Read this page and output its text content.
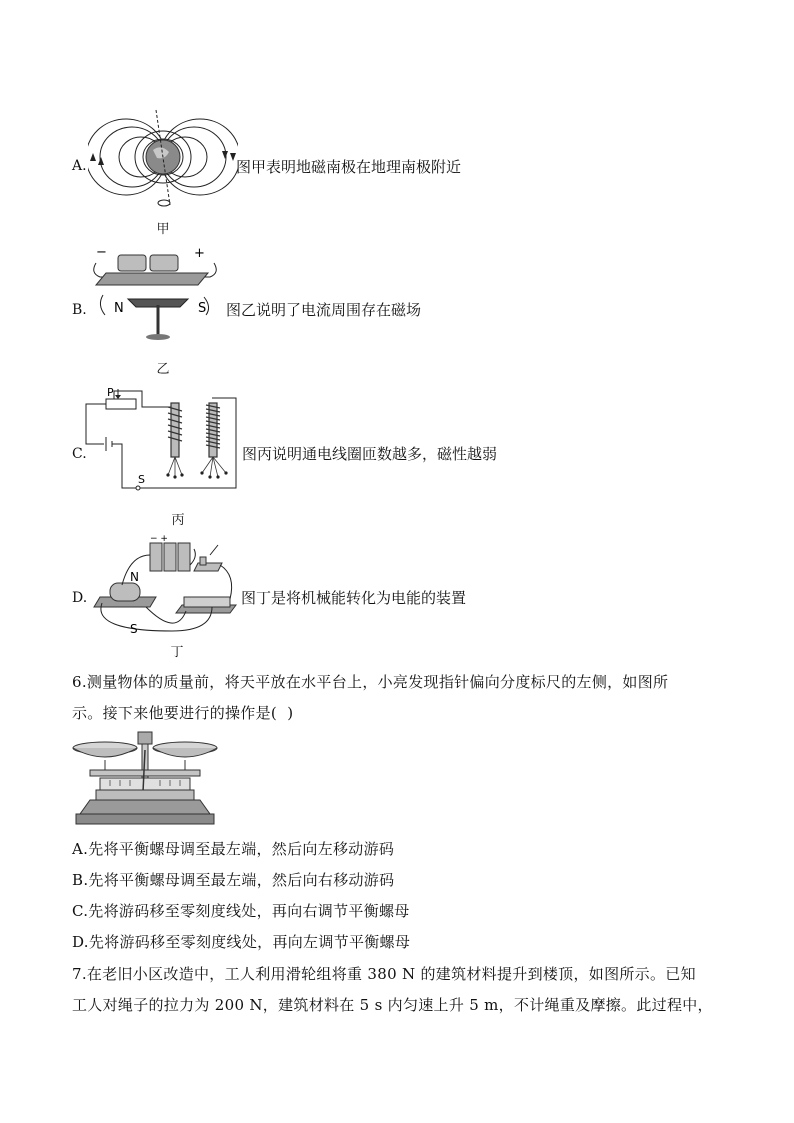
A.	图甲表明地磁南极在地理南极附近
甲
B.
−	+
N	S 图乙说明了电流周围存在磁场
乙
C.
P
S
图丙说明通电线圈匝数越多，磁性越弱
丙
D.
− +
N
S
图丁是将机械能转化为电能的装置
丁
6.测量物体的质量前，将天平放在水平台上，小亮发现指针偏向分度标尺的左侧，如图所
示。接下来他要进行的操作是(  )
A.先将平衡螺母调至最左端，然后向左移动游码
B.先将平衡螺母调至最左端，然后向右移动游码
C.先将游码移至零刻度线处，再向右调节平衡螺母
D.先将游码移至零刻度线处，再向左调节平衡螺母
7.在老旧小区改造中，工人利用滑轮组将重 380 N 的建筑材料提升到楼顶，如图所示。已知
工人对绳子的拉力为 200 N，建筑材料在 5 s 内匀速上升 5 m，不计绳重及摩擦。此过程中，
